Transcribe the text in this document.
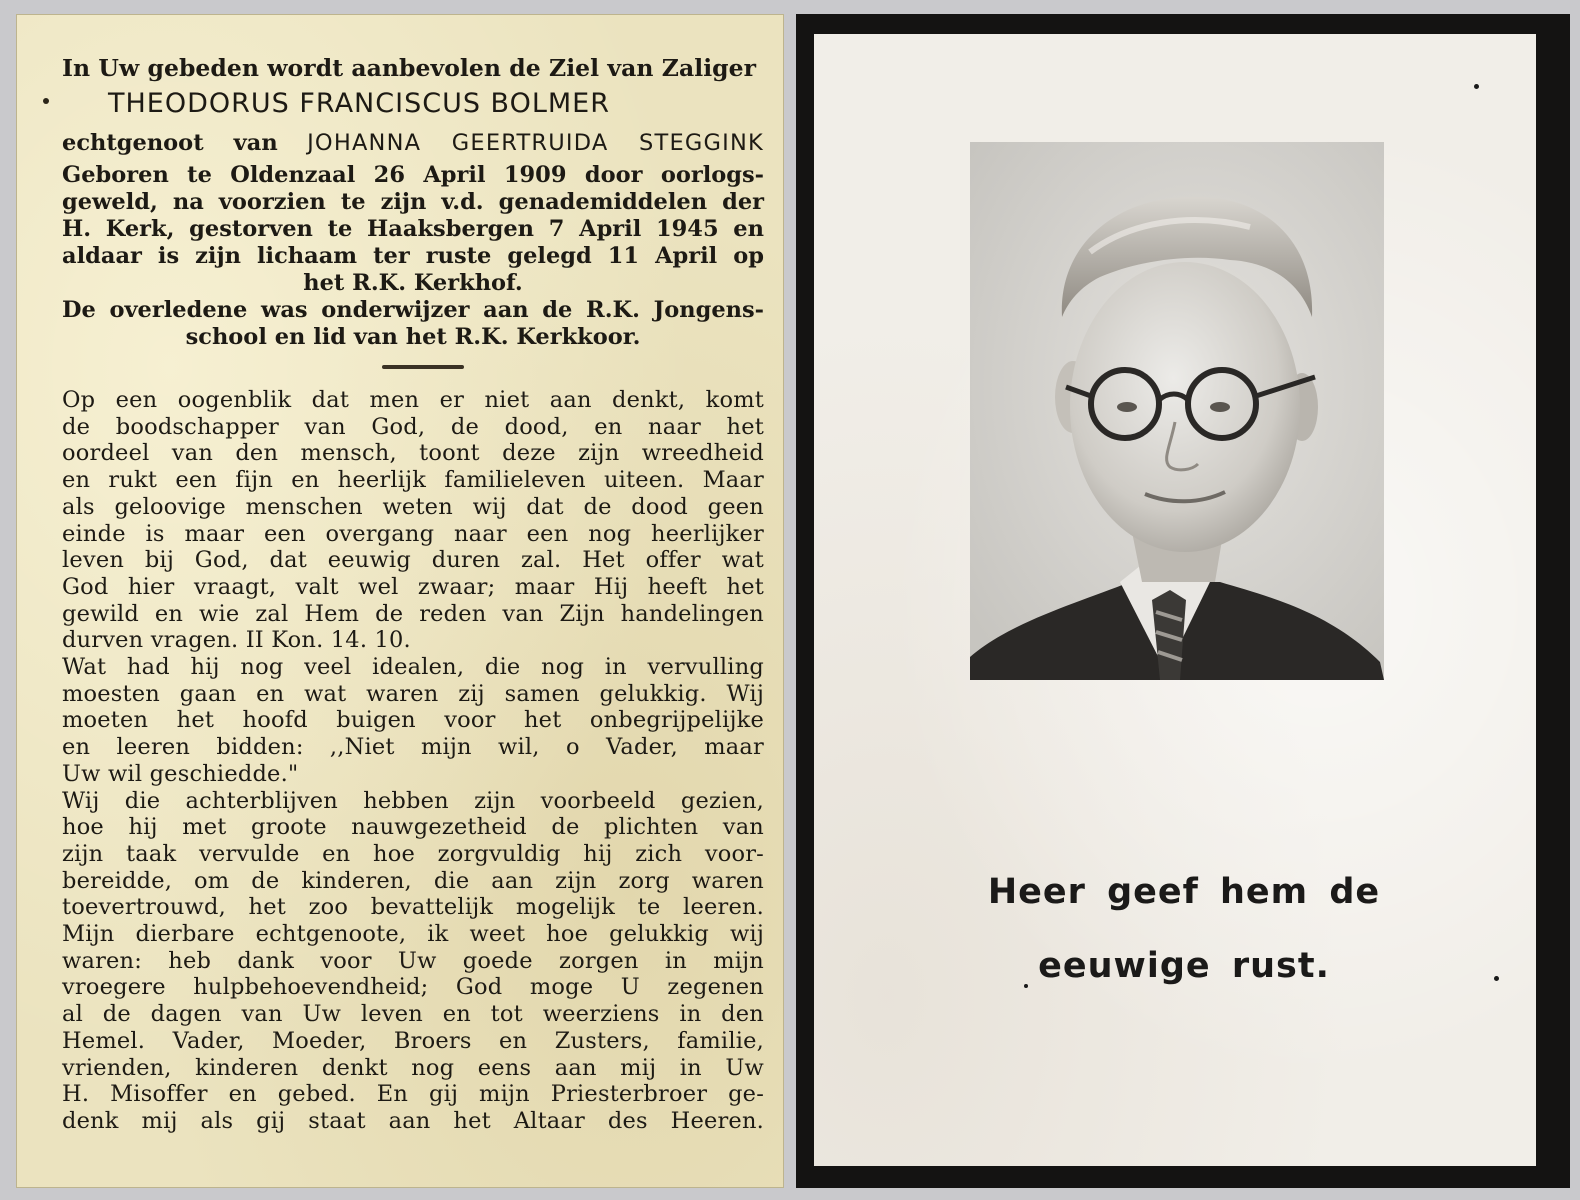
In Uw gebeden wordt aanbevolen de Ziel van Zaliger
THEODORUS FRANCISCUS BOLMER
echtgenoot van JOHANNA GEERTRUIDA STEGGINK
Geboren te Oldenzaal 26 April 1909 door oorlogs-
geweld, na voorzien te zijn v.d. genademiddelen der
H. Kerk, gestorven te Haaksbergen 7 April 1945 en
aldaar is zijn lichaam ter ruste gelegd 11 April op
het R.K. Kerkhof.
De overledene was onderwijzer aan de R.K. Jongens-
school en lid van het R.K. Kerkkoor.
Op een oogenblik dat men er niet aan denkt, komt
de boodschapper van God, de dood, en naar het
oordeel van den mensch, toont deze zijn wreedheid
en rukt een fijn en heerlijk familieleven uiteen. Maar
als geloovige menschen weten wij dat de dood geen
einde is maar een overgang naar een nog heerlijker
leven bij God, dat eeuwig duren zal. Het offer wat
God hier vraagt, valt wel zwaar; maar Hij heeft het
gewild en wie zal Hem de reden van Zijn handelingen
durven vragen. II Kon. 14. 10.
Wat had hij nog veel idealen, die nog in vervulling
moesten gaan en wat waren zij samen gelukkig. Wij
moeten het hoofd buigen voor het onbegrijpelijke
en leeren bidden: ,,Niet mijn wil, o Vader, maar
Uw wil geschiedde."
Wij die achterblijven hebben zijn voorbeeld gezien,
hoe hij met groote nauwgezetheid de plichten van
zijn taak vervulde en hoe zorgvuldig hij zich voor-
bereidde, om de kinderen, die aan zijn zorg waren
toevertrouwd, het zoo bevattelijk mogelijk te leeren.
Mijn dierbare echtgenoote, ik weet hoe gelukkig wij
waren: heb dank voor Uw goede zorgen in mijn
vroegere hulpbehoevendheid; God moge U zegenen
al de dagen van Uw leven en tot weerziens in den
Hemel. Vader, Moeder, Broers en Zusters, familie,
vrienden, kinderen denkt nog eens aan mij in Uw
H. Misoffer en gebed. En gij mijn Priesterbroer ge-
denk mij als gij staat aan het Altaar des Heeren.
Heer geef hem de
eeuwige rust.
